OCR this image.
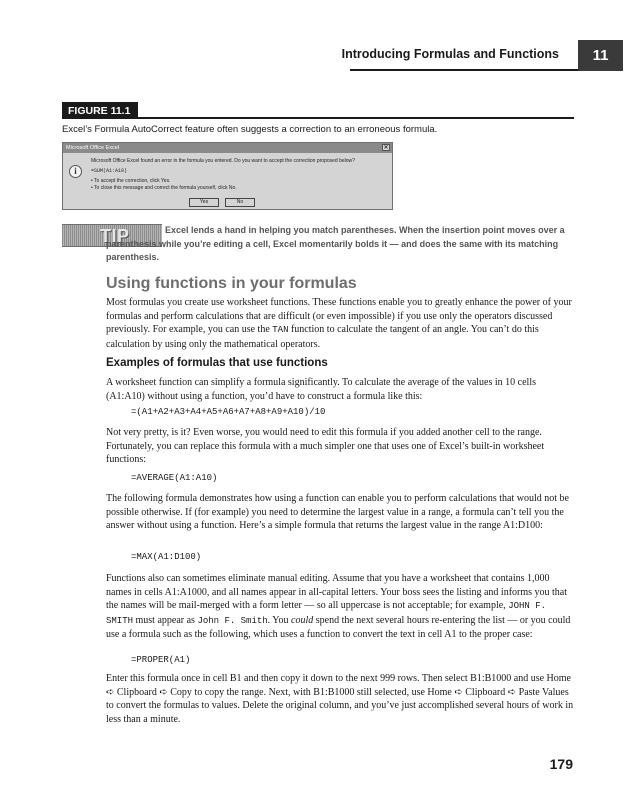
Introducing Formulas and Functions	11
FIGURE 11.1
Excel’s Formula AutoCorrect feature often suggests a correction to an erroneous formula.
Microsoft Office Excel	✕
i
Microsoft Office Excel found an error in the formula you entered. Do you want to accept the correction proposed below?
=SUM(A1:A10)
• To accept the correction, click Yes.
• To close this message and correct the formula yourself, click No.
Yes	No
TIP	Excel lends a hand in helping you match parentheses. When the insertion point moves over a parenthesis while you’re editing a cell, Excel momentarily bolds it — and does the same with its matching parenthesis.
Using functions in your formulas

Most formulas you create use worksheet functions. These functions enable you to greatly enhance the power of your formulas and perform calculations that are difficult (or even impossible) if you use only the operators discussed previously. For example, you can use the TAN function to calculate the tangent of an angle. You can’t do this calculation by using only the mathematical operators.

Examples of formulas that use functions

A worksheet function can simplify a formula significantly. To calculate the average of the values in 10 cells (A1:A10) without using a function, you’d have to construct a formula like this:

=(A1+A2+A3+A4+A5+A6+A7+A8+A9+A10)/10

Not very pretty, is it? Even worse, you would need to edit this formula if you added another cell to the range. Fortunately, you can replace this formula with a much simpler one that uses one of Excel’s built-in worksheet functions:

=AVERAGE(A1:A10)

The following formula demonstrates how using a function can enable you to perform calculations that would not be possible otherwise. If (for example) you need to determine the largest value in a range, a formula can’t tell you the answer without using a function. Here’s a simple formula that returns the largest value in the range A1:D100:

=MAX(A1:D100)

Functions also can sometimes eliminate manual editing. Assume that you have a worksheet that contains 1,000 names in cells A1:A1000, and all names appear in all-capital letters. Your boss sees the listing and informs you that the names will be mail-merged with a form letter — so all uppercase is not acceptable; for example, JOHN F. SMITH must appear as John F. Smith. You could spend the next several hours re-entering the list — or you could use a formula such as the following, which uses a function to convert the text in cell A1 to the proper case:

=PROPER(A1)

Enter this formula once in cell B1 and then copy it down to the next 999 rows. Then select B1:B1000 and use Home ➪ Clipboard ➪ Copy to copy the range. Next, with B1:B1000 still selected, use Home ➪ Clipboard ➪ Paste Values to convert the formulas to values. Delete the original column, and you’ve just accomplished several hours of work in less than a minute.

179
